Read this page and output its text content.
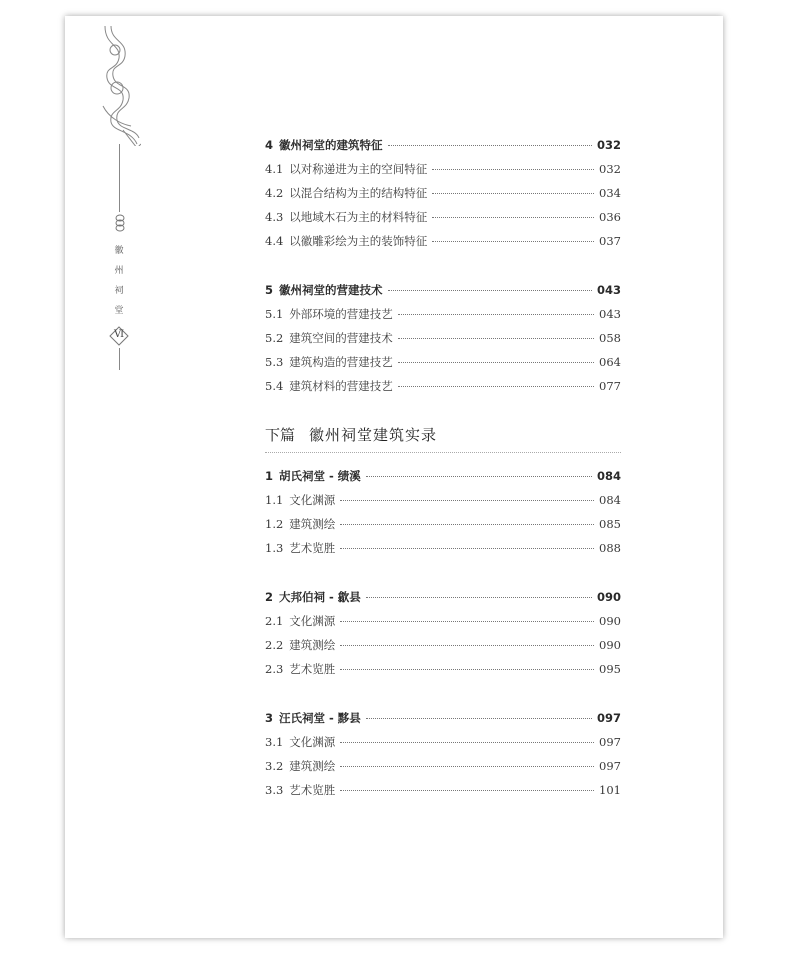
徽
州
祠
堂
Ⅵ
4 徽州祠堂的建筑特征	032
4.1 以对称递进为主的空间特征	032
4.2 以混合结构为主的结构特征	034
4.3 以地域木石为主的材料特征	036
4.4 以徽雕彩绘为主的装饰特征	037
5 徽州祠堂的营建技术	043
5.1 外部环境的营建技艺	043
5.2 建筑空间的营建技术	058
5.3 建筑构造的营建技艺	064
5.4 建筑材料的营建技艺	077
下篇 徽州祠堂建筑实录
1 胡氏祠堂 - 绩溪	084
1.1 文化渊源	084
1.2 建筑测绘	085
1.3 艺术览胜	088
2 大邦伯祠 - 歙县	090
2.1 文化渊源	090
2.2 建筑测绘	090
2.3 艺术览胜	095
3 汪氏祠堂 - 黟县	097
3.1 文化渊源	097
3.2 建筑测绘	097
3.3 艺术览胜	101
